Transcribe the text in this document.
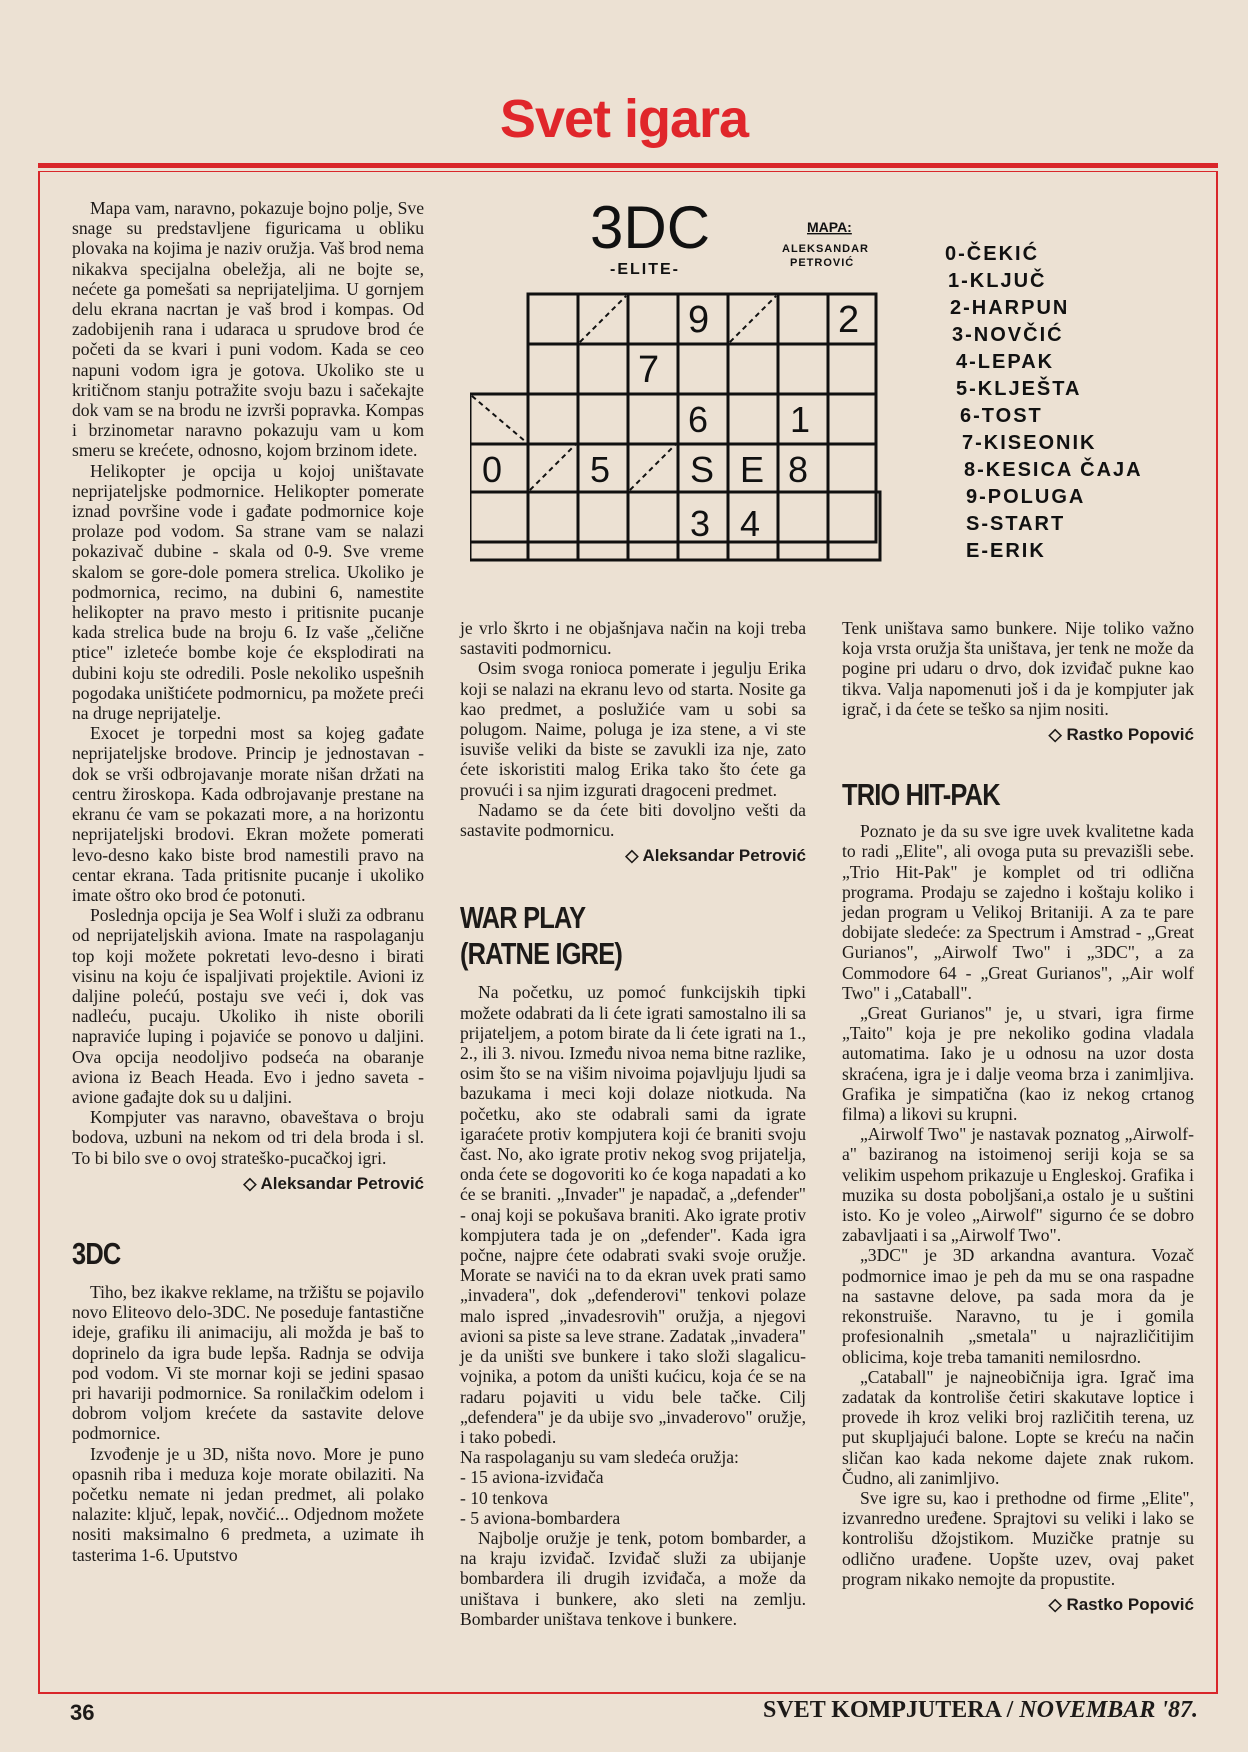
Svet igara

Mapa vam, naravno, pokazuje bojno polje, Sve snage su predstavljene figuricama u obliku plovaka na kojima je naziv oružja. Vaš brod nema nikakva specijalna obeležja, ali ne bojte se, nećete ga pomešati sa neprijateljima. U gornjem delu ekrana nacrtan je vaš brod i kompas. Od zadobijenih rana i udaraca u sprudove brod će početi da se kvari i puni vodom. Kada se ceo napuni vodom igra je gotova. Ukoliko ste u kritičnom stanju potražite svoju bazu i sačekajte dok vam se na brodu ne izvrši popravka. Kompas i brzinometar naravno pokazuju vam u kom smeru se krećete, odnosno, kojom brzinom idete.

Helikopter je opcija u kojoj uništavate neprijateljske podmornice. Helikopter pomerate iznad površine vode i gađate podmornice koje prolaze pod vodom. Sa strane vam se nalazi pokazivač dubine - skala od 0-9. Sve vreme skalom se gore-dole pomera strelica. Ukoliko je podmornica, recimo, na dubini 6, namestite helikopter na pravo mesto i pritisnite pucanje kada strelica bude na broju 6. Iz vaše „čelične ptice" izleteće bombe koje će eksplodirati na dubini koju ste odredili. Posle nekoliko uspešnih pogodaka uništićete podmornicu, pa možete preći na druge neprijatelje.

Exocet je torpedni most sa kojeg gađate neprijateljske brodove. Princip je jednostavan - dok se vrši odbrojavanje morate nišan držati na centru žiroskopa. Kada odbrojavanje prestane na ekranu će vam se pokazati more, a na horizontu neprijateljski brodovi. Ekran možete pomerati levo-desno kako biste brod namestili pravo na centar ekrana. Tada pritisnite pucanje i ukoliko imate oštro oko brod će potonuti.

Poslednja opcija je Sea Wolf i služi za odbranu od neprijateljskih aviona. Imate na raspolaganju top koji možete pokretati levo-desno i birati visinu na koju će ispaljivati projektile. Avioni iz daljine polećú, postaju sve veći i, dok vas nadleću, pucaju. Ukoliko ih niste oborili napraviće luping i pojaviće se ponovo u daljini. Ova opcija neodoljivo podseća na obaranje aviona iz Beach Heada. Evo i jedno saveta - avione gađajte dok su u daljini.

Kompjuter vas naravno, obaveštava o broju bodova, uzbuni na nekom od tri dela broda i sl. To bi bilo sve o ovoj strateško-pucačkoj igri.

◇ Aleksandar Petrović

3DC

Tiho, bez ikakve reklame, na tržištu se pojavilo novo Eliteovo delo-3DC. Ne poseduje fantastične ideje, grafiku ili animaciju, ali možda je baš to doprinelo da igra bude lepša. Radnja se odvija pod vodom. Vi ste mornar koji se jedini spasao pri havariji podmornice. Sa ronilačkim odelom i dobrom voljom krećete da sastavite delove podmornice.

Izvođenje je u 3D, ništa novo. More je puno opasnih riba i meduza koje morate obilaziti. Na početku nemate ni jedan predmet, ali polako nalazite: ključ, lepak, novčić... Odjednom možete nositi maksimalno 6 predmeta, a uzimate ih tasterima 1-6. Uputstvo

3DC
-ELITE-
MAPA:
ALEKSANDAR
PETROVIĆ
9	2
7
6 1
0 5 S E 8
3 4
0-ČEKIĆ
1-KLJUČ
2-HARPUN
3-NOVČIĆ
4-LEPAK
5-KLJEŠTA
6-TOST
7-KISEONIK
8-KESICA ČAJA
9-POLUGA
S-START
E-ERIK

je vrlo škrto i ne objašnjava način na koji treba sastaviti podmornicu.

Osim svoga ronioca pomerate i jegulju Erika koji se nalazi na ekranu levo od starta. Nosite ga kao predmet, a poslužiće vam u sobi sa polugom. Naime, poluga je iza stene, a vi ste isuviše veliki da biste se zavukli iza nje, zato ćete iskoristiti malog Erika tako što ćete ga provući i sa njim izgurati dragoceni predmet.

Nadamo se da ćete biti dovoljno vešti da sastavite podmornicu.

◇ Aleksandar Petrović

WAR PLAY

(RATNE IGRE)

Na početku, uz pomoć funkcijskih tipki možete odabrati da li ćete igrati samostalno ili sa prijateljem, a potom birate da li ćete igrati na 1., 2., ili 3. nivou. Između nivoa nema bitne razlike, osim što se na višim nivoima pojavljuju ljudi sa bazukama i meci koji dolaze niotkuda. Na početku, ako ste odabrali sami da igrate igaraćete protiv kompjutera koji će braniti svoju čast. No, ako igrate protiv nekog svog prijatelja, onda ćete se dogovoriti ko će koga napadati a ko će se braniti. „Invader" je napadač, a „defender" - onaj koji se pokušava braniti. Ako igrate protiv kompjutera tada je on „defender". Kada igra počne, najpre ćete odabrati svaki svoje oružje. Morate se navići na to da ekran uvek prati samo „invadera", dok „defenderovi" tenkovi polaze malo ispred „invadesrovih" oružja, a njegovi avioni sa piste sa leve strane. Zadatak „invadera" je da uništi sve bunkere i tako složi slagalicu-vojnika, a potom da uništi kućicu, koja će se na radaru pojaviti u vidu bele tačke. Cilj „defendera" je da ubije svo „invaderovo" oružje, i tako pobedi.

Na raspolaganju su vam sledeća oružja:

- 15 aviona-izviđača
- 10 tenkova
- 5 aviona-bombardera

Najbolje oružje je tenk, potom bombarder, a na kraju izviđač. Izviđač služi za ubijanje bombardera ili drugih izviđača, a može da uništava i bunkere, ako sleti na zemlju. Bombarder uništava tenkove i bunkere.

Tenk uništava samo bunkere. Nije toliko važno koja vrsta oružja šta uništava, jer tenk ne može da pogine pri udaru o drvo, dok izviđač pukne kao tikva. Valja napomenuti još i da je kompjuter jak igrač, i da ćete se teško sa njim nositi.

◇ Rastko Popović

TRIO HIT-PAK

Poznato je da su sve igre uvek kvalitetne kada to radi „Elite", ali ovoga puta su prevazišli sebe. „Trio Hit-Pak" je komplet od tri odlična programa. Prodaju se zajedno i koštaju koliko i jedan program u Velikoj Britaniji. A za te pare dobijate sledeće: za Spectrum i Amstrad - „Great Gurianos", „Airwolf Two" i „3DC", a za Commodore 64 - „Great Gurianos", „Air wolf Two" i „Cataball".

„Great Gurianos" je, u stvari, igra firme „Taito" koja je pre nekoliko godina vladala automatima. Iako je u odnosu na uzor dosta skraćena, igra je i dalje veoma brza i zanimljiva. Grafika je simpatična (kao iz nekog crtanog filma) a likovi su krupni.

„Airwolf Two" je nastavak poznatog „Airwolf-a" baziranog na istoimenoj seriji koja se sa velikim uspehom prikazuje u Engleskoj. Grafika i muzika su dosta poboljšani,a ostalo je u suštini isto. Ko je voleo „Airwolf" sigurno će se dobro zabavljaati i sa „Airwolf Two".

„3DC" je 3D arkandna avantura. Vozač podmornice imao je peh da mu se ona raspadne na sastavne delove, pa sada mora da je rekonstruiše. Naravno, tu je i gomila profesionalnih „smetala" u najrazličitijim oblicima, koje treba tamaniti nemilosrdno.

„Cataball" je najneobičnija igra. Igrač ima zadatak da kontroliše četiri skakutave loptice i provede ih kroz veliki broj različitih terena, uz put skupljajući balone. Lopte se kreću na način sličan kao kada nekome dajete znak rukom. Čudno, ali zanimljivo.

Sve igre su, kao i prethodne od firme „Elite", izvanredno uređene. Sprajtovi su veliki i lako se kontrolišu džojstikom. Muzičke pratnje su odlično urađene. Uopšte uzev, ovaj paket program nikako nemojte da propustite.

◇ Rastko Popović

36	SVET KOMPJUTERA / NOVEMBAR '87.
